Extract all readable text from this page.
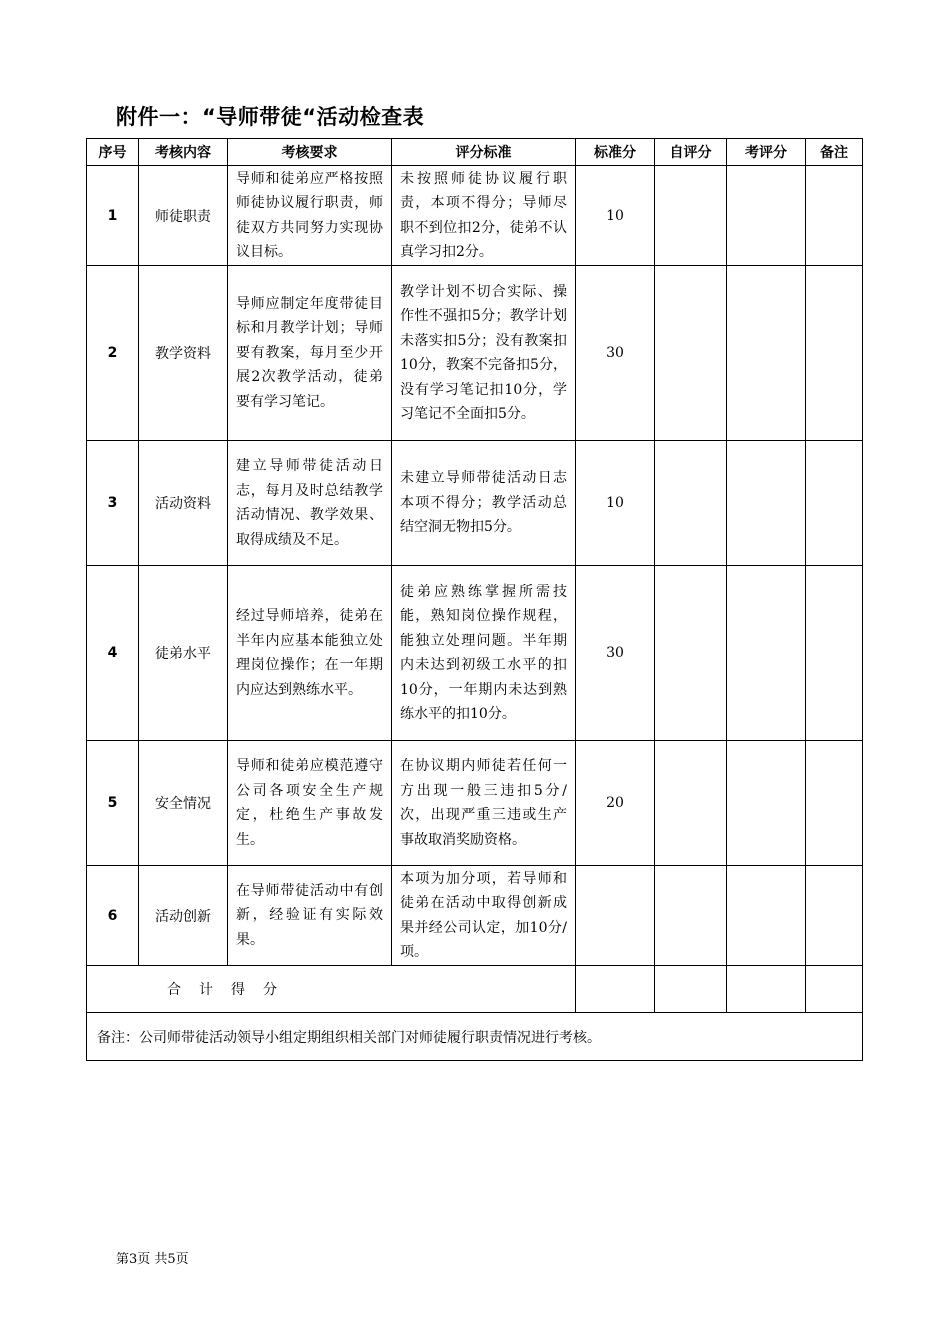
附件一：“导师带徒“活动检查表
序号	考核内容	考核要求	评分标准	标准分	自评分	考评分	备注
1	师徒职责	导师和徒弟应严格按照师徒协议履行职责，师徒双方共同努力实现协议目标。	未按照师徒协议履行职责，本项不得分；导师尽职不到位扣2分，徒弟不认真学习扣2分。	10			
2	教学资料	导师应制定年度带徒目标和月教学计划；导师要有教案，每月至少开展2次教学活动，徒弟要有学习笔记。	教学计划不切合实际、操作性不强扣5分；教学计划未落实扣5分；没有教案扣10分，教案不完备扣5分，没有学习笔记扣10分，学习笔记不全面扣5分。	30			
3	活动资料	建立导师带徒活动日志，每月及时总结教学活动情况、教学效果、取得成绩及不足。	未建立导师带徒活动日志本项不得分；教学活动总结空洞无物扣5分。	10			
4	徒弟水平	经过导师培养，徒弟在半年内应基本能独立处理岗位操作；在一年期内应达到熟练水平。	徒弟应熟练掌握所需技能，熟知岗位操作规程，能独立处理问题。半年期内未达到初级工水平的扣10分，一年期内未达到熟练水平的扣10分。	30			
5	安全情况	导师和徒弟应模范遵守公司各项安全生产规定，杜绝生产事故发生。	在协议期内师徒若任何一方出现一般三违扣5分/次，出现严重三违或生产事故取消奖励资格。	20			
6	活动创新	在导师带徒活动中有创新，经验证有实际效果。	本项为加分项，若导师和徒弟在活动中取得创新成果并经公司认定，加10分/项。				
合计得分							
备注：公司师带徒活动领导小组定期组织相关部门对师徒履行职责情况进行考核。							
第3页 共5页
